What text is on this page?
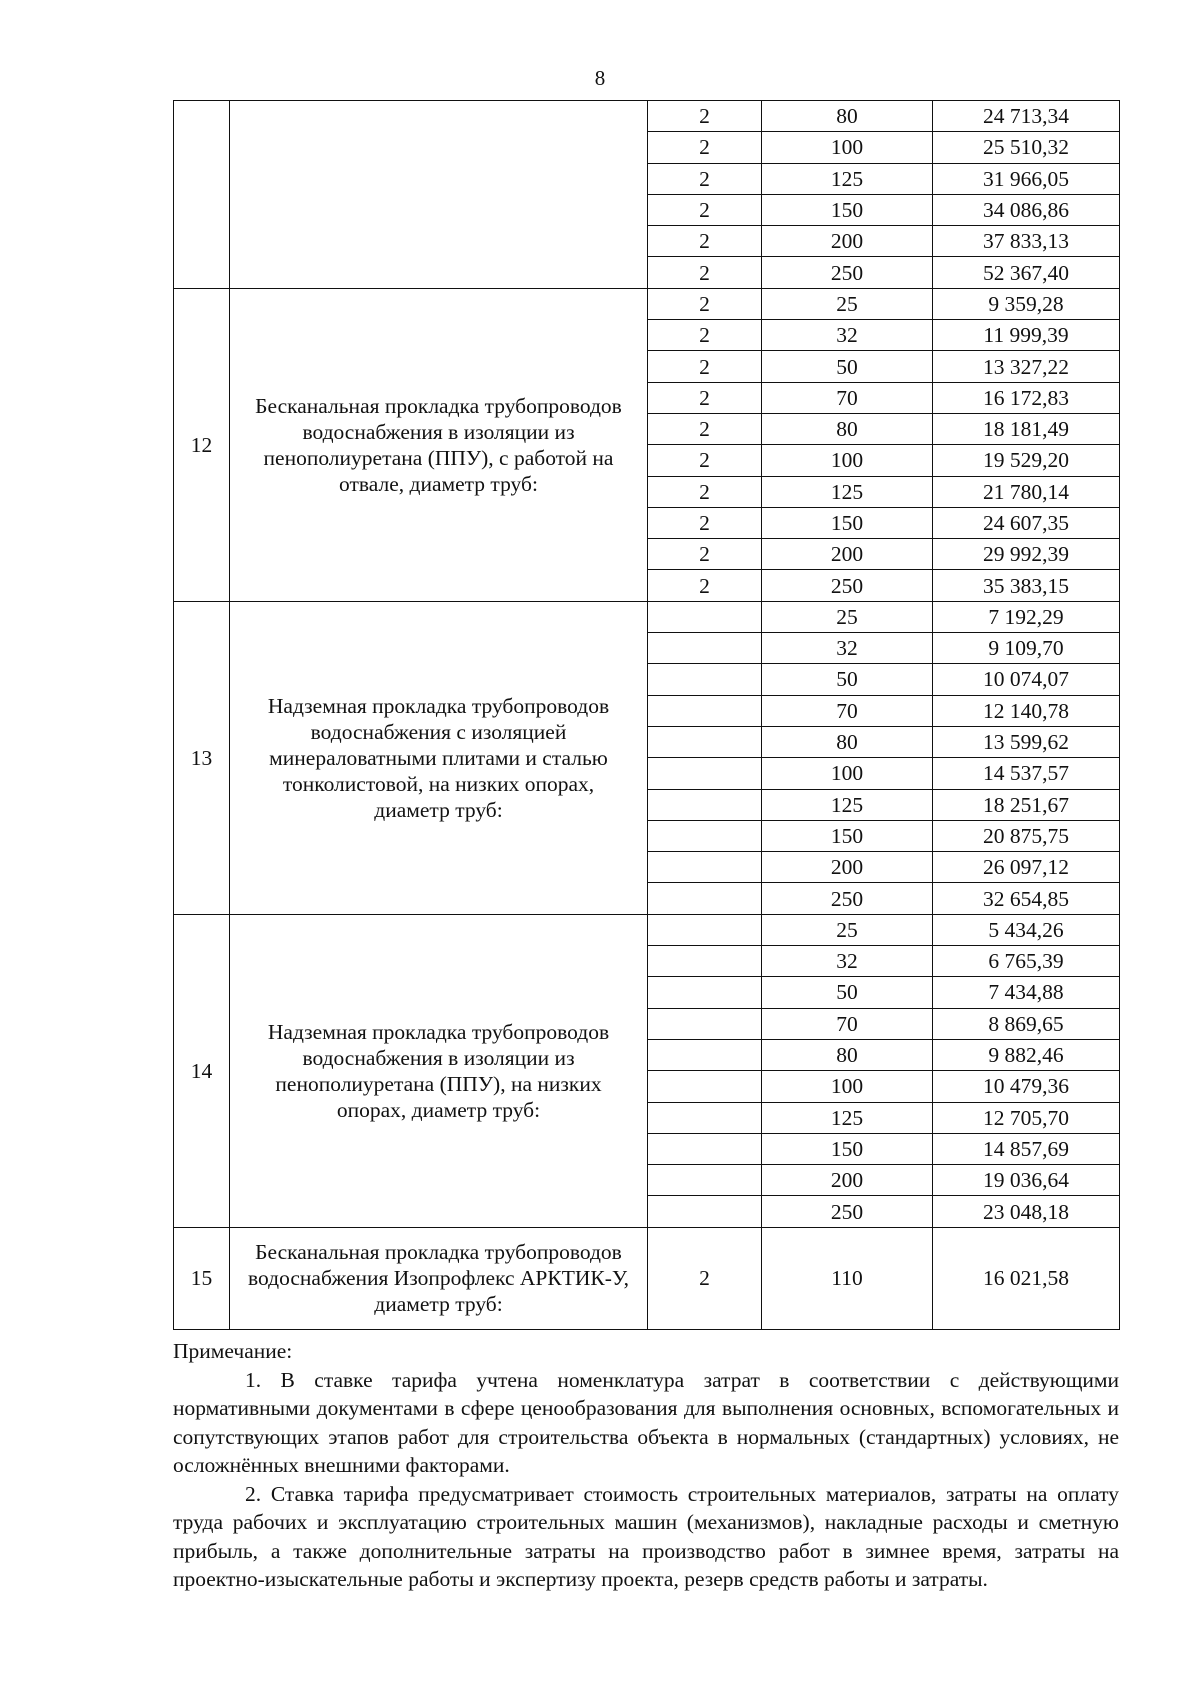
8
		2	80	24 713,34
		2	100	25 510,32
		2	125	31 966,05
		2	150	34 086,86
		2	200	37 833,13
		2	250	52 367,40
12	Бесканальная прокладка трубопроводов водоснабжения в изоляции из пенополиуретана (ППУ), с работой на отвале, диаметр труб:	2	25	9 359,28
		2	32	11 999,39
		2	50	13 327,22
		2	70	16 172,83
		2	80	18 181,49
		2	100	19 529,20
		2	125	21 780,14
		2	150	24 607,35
		2	200	29 992,39
		2	250	35 383,15
13	Надземная прокладка трубопроводов водоснабжения с изоляцией минераловатными плитами и сталью тонколистовой, на низких опорах, диаметр труб:		25	7 192,29
			32	9 109,70
			50	10 074,07
			70	12 140,78
			80	13 599,62
			100	14 537,57
			125	18 251,67
			150	20 875,75
			200	26 097,12
			250	32 654,85
14	Надземная прокладка трубопроводов водоснабжения в изоляции из пенополиуретана (ППУ), на низких опорах, диаметр труб:		25	5 434,26
			32	6 765,39
			50	7 434,88
			70	8 869,65
			80	9 882,46
			100	10 479,36
			125	12 705,70
			150	14 857,69
			200	19 036,64
			250	23 048,18
15	Бесканальная прокладка трубопроводов водоснабжения Изопрофлекс АРКТИК-У, диаметр труб:	2	110	16 021,58

Примечание:

1. В ставке тарифа учтена номенклатура затрат в соответствии с действующими нормативными документами в сфере ценообразования для выполнения основных, вспомогательных и сопутствующих этапов работ для строительства объекта в нормальных (стандартных) условиях, не осложнённых внешними факторами.

2. Ставка тарифа предусматривает стоимость строительных материалов, затраты на оплату труда рабочих и эксплуатацию строительных машин (механизмов), накладные расходы и сметную прибыль, а также дополнительные затраты на производство работ в зимнее время, затраты на проектно-изыскательные работы и экспертизу проекта, резерв средств работы и затраты.
